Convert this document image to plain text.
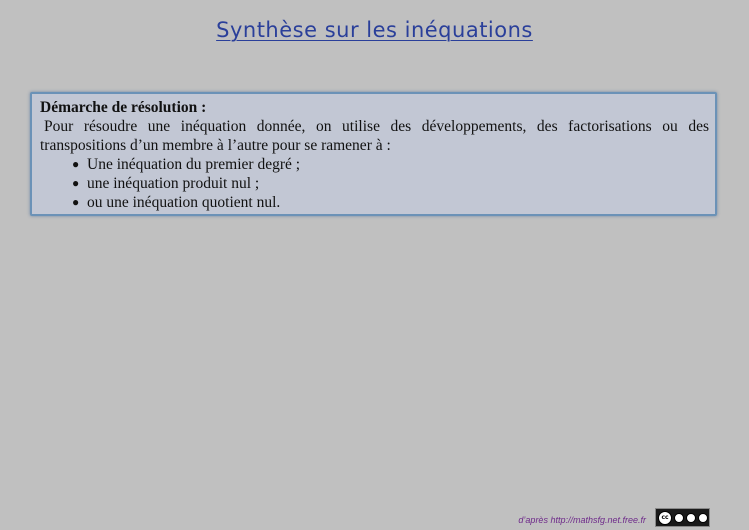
Synthèse sur les inéquations

Démarche de résolution :

Pour résoudre une inéquation donnée, on utilise des développements, des factorisations ou des transpositions d’un membre à l’autre pour se ramener à :

● Une inéquation du premier degré ;
● une inéquation produit nul ;
● ou une inéquation quotient nul.
d’après http://mathsfg.net.free.fr	cc
